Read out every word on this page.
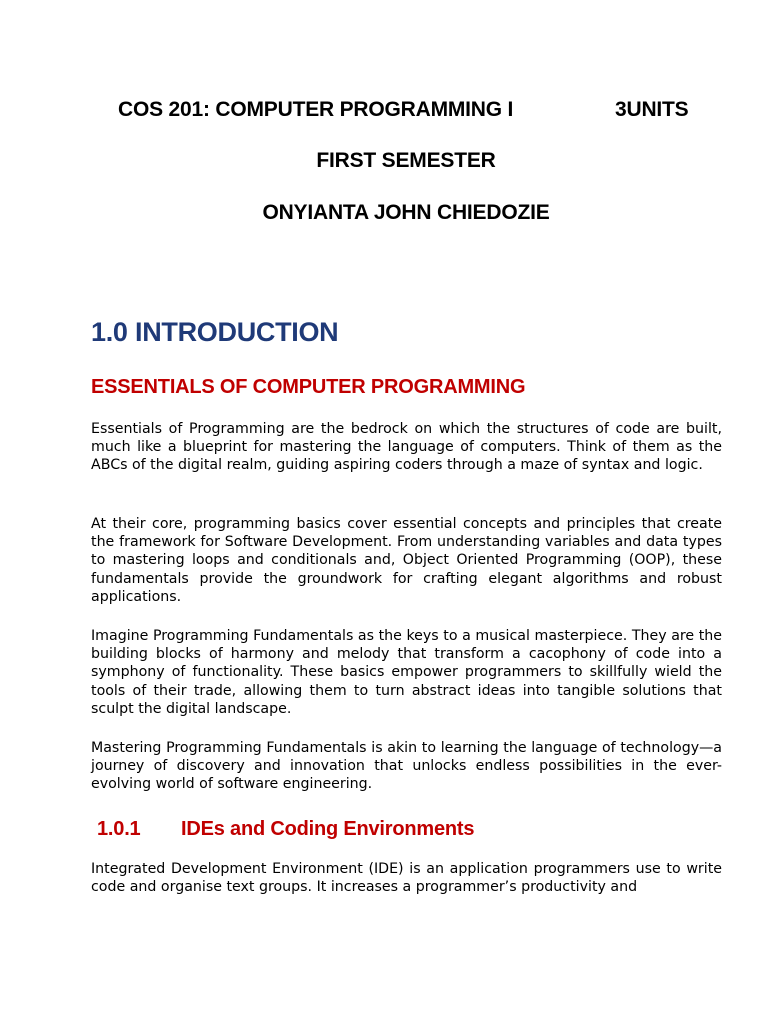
COS 201: COMPUTER PROGRAMMING I	3UNITS
FIRST SEMESTER
ONYIANTA JOHN CHIEDOZIE
1.0 INTRODUCTION
ESSENTIALS OF COMPUTER PROGRAMMING

Essentials of Programming are the bedrock on which the structures of code are built, much like a blueprint for mastering the language of computers. Think of them as the ABCs of the digital realm, guiding aspiring coders through a maze of syntax and logic.

At their core, programming basics cover essential concepts and principles that create the framework for Software Development. From understanding variables and data types to mastering loops and conditionals and, Object Oriented Programming (OOP), these fundamentals provide the groundwork for crafting elegant algorithms and robust applications.

Imagine Programming Fundamentals as the keys to a musical masterpiece. They are the building blocks of harmony and melody that transform a cacophony of code into a symphony of functionality. These basics empower programmers to skillfully wield the tools of their trade, allowing them to turn abstract ideas into tangible solutions that sculpt the digital landscape.

Mastering Programming Fundamentals is akin to learning the language of technology—a journey of discovery and innovation that unlocks endless possibilities in the ever-evolving world of software engineering.

1.0.1 IDEs and Coding Environments

Integrated Development Environment (IDE) is an application programmers use to write code and organise text groups. It increases a programmer’s productivity and
